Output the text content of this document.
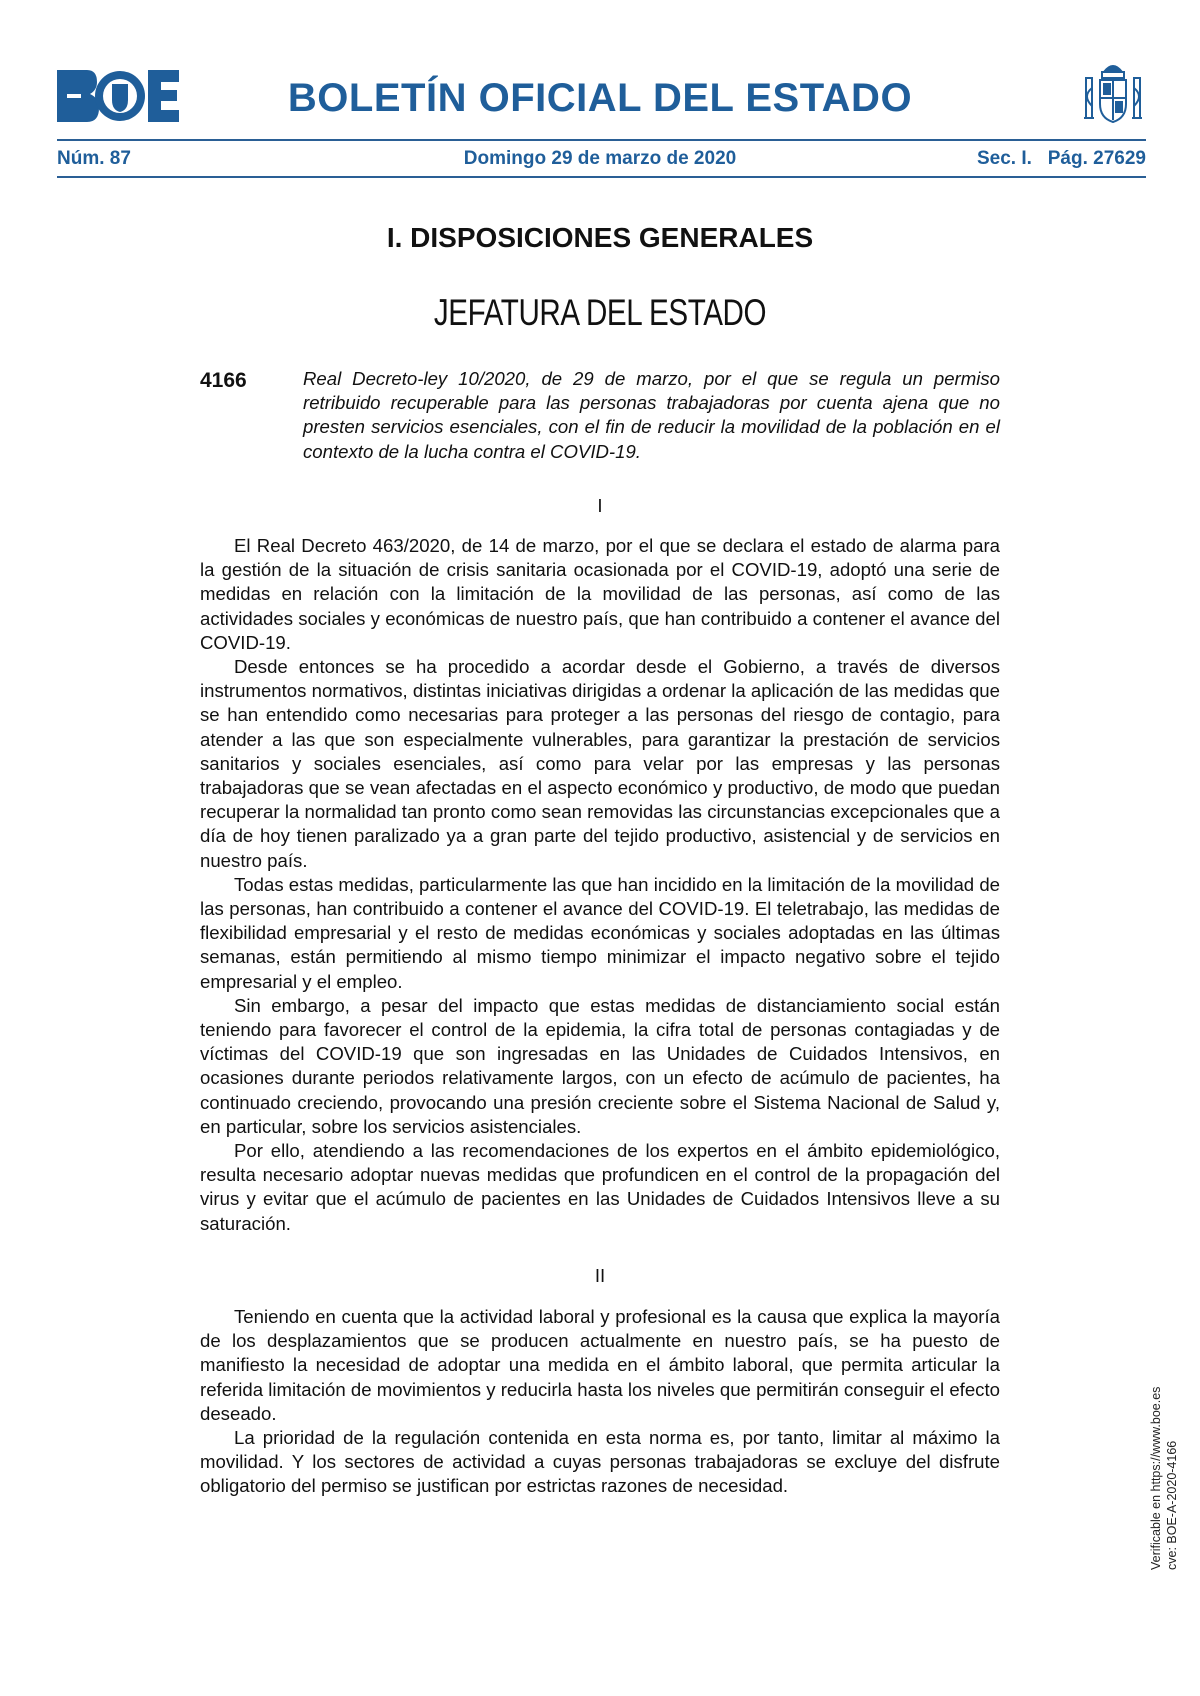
BOLETÍN OFICIAL DEL ESTADO
Núm. 87	Domingo 29 de marzo de 2020	Sec. I.   Pág. 27629
I. DISPOSICIONES GENERALES
JEFATURA DEL ESTADO
4166	Real Decreto-ley 10/2020, de 29 de marzo, por el que se regula un permiso retribuido recuperable para las personas trabajadoras por cuenta ajena que no presten servicios esenciales, con el fin de reducir la movilidad de la población en el contexto de la lucha contra el COVID-19.
I

El Real Decreto 463/2020, de 14 de marzo, por el que se declara el estado de alarma para la gestión de la situación de crisis sanitaria ocasionada por el COVID-19, adoptó una serie de medidas en relación con la limitación de la movilidad de las personas, así como de las actividades sociales y económicas de nuestro país, que han contribuido a contener el avance del COVID-19.

Desde entonces se ha procedido a acordar desde el Gobierno, a través de diversos instrumentos normativos, distintas iniciativas dirigidas a ordenar la aplicación de las medidas que se han entendido como necesarias para proteger a las personas del riesgo de contagio, para atender a las que son especialmente vulnerables, para garantizar la prestación de servicios sanitarios y sociales esenciales, así como para velar por las empresas y las personas trabajadoras que se vean afectadas en el aspecto económico y productivo, de modo que puedan recuperar la normalidad tan pronto como sean removidas las circunstancias excepcionales que a día de hoy tienen paralizado ya a gran parte del tejido productivo, asistencial y de servicios en nuestro país.

Todas estas medidas, particularmente las que han incidido en la limitación de la movilidad de las personas, han contribuido a contener el avance del COVID-19. El teletrabajo, las medidas de flexibilidad empresarial y el resto de medidas económicas y sociales adoptadas en las últimas semanas, están permitiendo al mismo tiempo minimizar el impacto negativo sobre el tejido empresarial y el empleo.

Sin embargo, a pesar del impacto que estas medidas de distanciamiento social están teniendo para favorecer el control de la epidemia, la cifra total de personas contagiadas y de víctimas del COVID-19 que son ingresadas en las Unidades de Cuidados Intensivos, en ocasiones durante periodos relativamente largos, con un efecto de acúmulo de pacientes, ha continuado creciendo, provocando una presión creciente sobre el Sistema Nacional de Salud y, en particular, sobre los servicios asistenciales.

Por ello, atendiendo a las recomendaciones de los expertos en el ámbito epidemiológico, resulta necesario adoptar nuevas medidas que profundicen en el control de la propagación del virus y evitar que el acúmulo de pacientes en las Unidades de Cuidados Intensivos lleve a su saturación.

II

Teniendo en cuenta que la actividad laboral y profesional es la causa que explica la mayoría de los desplazamientos que se producen actualmente en nuestro país, se ha puesto de manifiesto la necesidad de adoptar una medida en el ámbito laboral, que permita articular la referida limitación de movimientos y reducirla hasta los niveles que permitirán conseguir el efecto deseado.

La prioridad de la regulación contenida en esta norma es, por tanto, limitar al máximo la movilidad. Y los sectores de actividad a cuyas personas trabajadoras se excluye del disfrute obligatorio del permiso se justifican por estrictas razones de necesidad.	Verificable en https://www.boe.es cve: BOE-A-2020-4166
